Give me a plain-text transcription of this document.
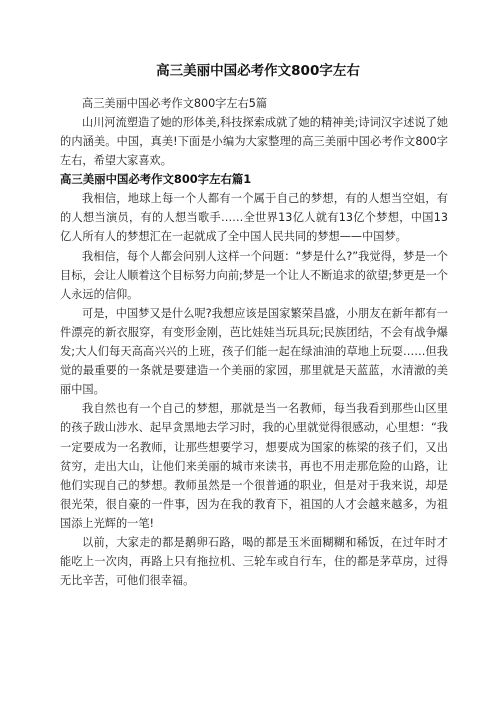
高三美丽中国必考作文800字左右

高三美丽中国必考作文800字左右5篇

山川河流塑造了她的形体美,科技探索成就了她的精神美;诗词汉字述说了她的内涵美。中国，真美!下面是小编为大家整理的高三美丽中国必考作文800字左右，希望大家喜欢。

高三美丽中国必考作文800字左右篇1

我相信，地球上每一个人都有一个属于自己的梦想，有的人想当空姐，有的人想当演员，有的人想当歌手……全世界13亿人就有13亿个梦想，中国13亿人所有人的梦想汇在一起就成了全中国人民共同的梦想——中国梦。

我相信，每个人都会问别人这样一个问题：“梦是什么?”我觉得，梦是一个目标，会让人顺着这个目标努力向前;梦是一个让人不断追求的欲望;梦更是一个人永远的信仰。

可是，中国梦又是什么呢?我想应该是国家繁荣昌盛，小朋友在新年都有一件漂亮的新衣服穿，有变形金刚，芭比娃娃当玩具玩;民族团结，不会有战争爆发;大人们每天高高兴兴的上班，孩子们能一起在绿油油的草地上玩耍……但我觉的最重要的一条就是要建造一个美丽的家园，那里就是天蓝蓝，水清澈的美丽中国。

我自然也有一个自己的梦想，那就是当一名教师，每当我看到那些山区里的孩子跋山涉水、起早贪黑地去学习时，我的心里就觉得很感动，心里想：“我一定要成为一名教师，让那些想要学习，想要成为国家的栋梁的孩子们，又出贫穷，走出大山，让他们来美丽的城市来读书，再也不用走那危险的山路，让他们实现自己的梦想。教师虽然是一个很普通的职业，但是对于我来说，却是很光荣，很自豪的一件事，因为在我的教育下，祖国的人才会越来越多，为祖国添上光辉的一笔!

以前，大家走的都是鹅卵石路，喝的都是玉米面糊糊和稀饭，在过年时才能吃上一次肉，再路上只有拖拉机、三轮车或自行车，住的都是茅草房，过得无比辛苦，可他们很幸福。
